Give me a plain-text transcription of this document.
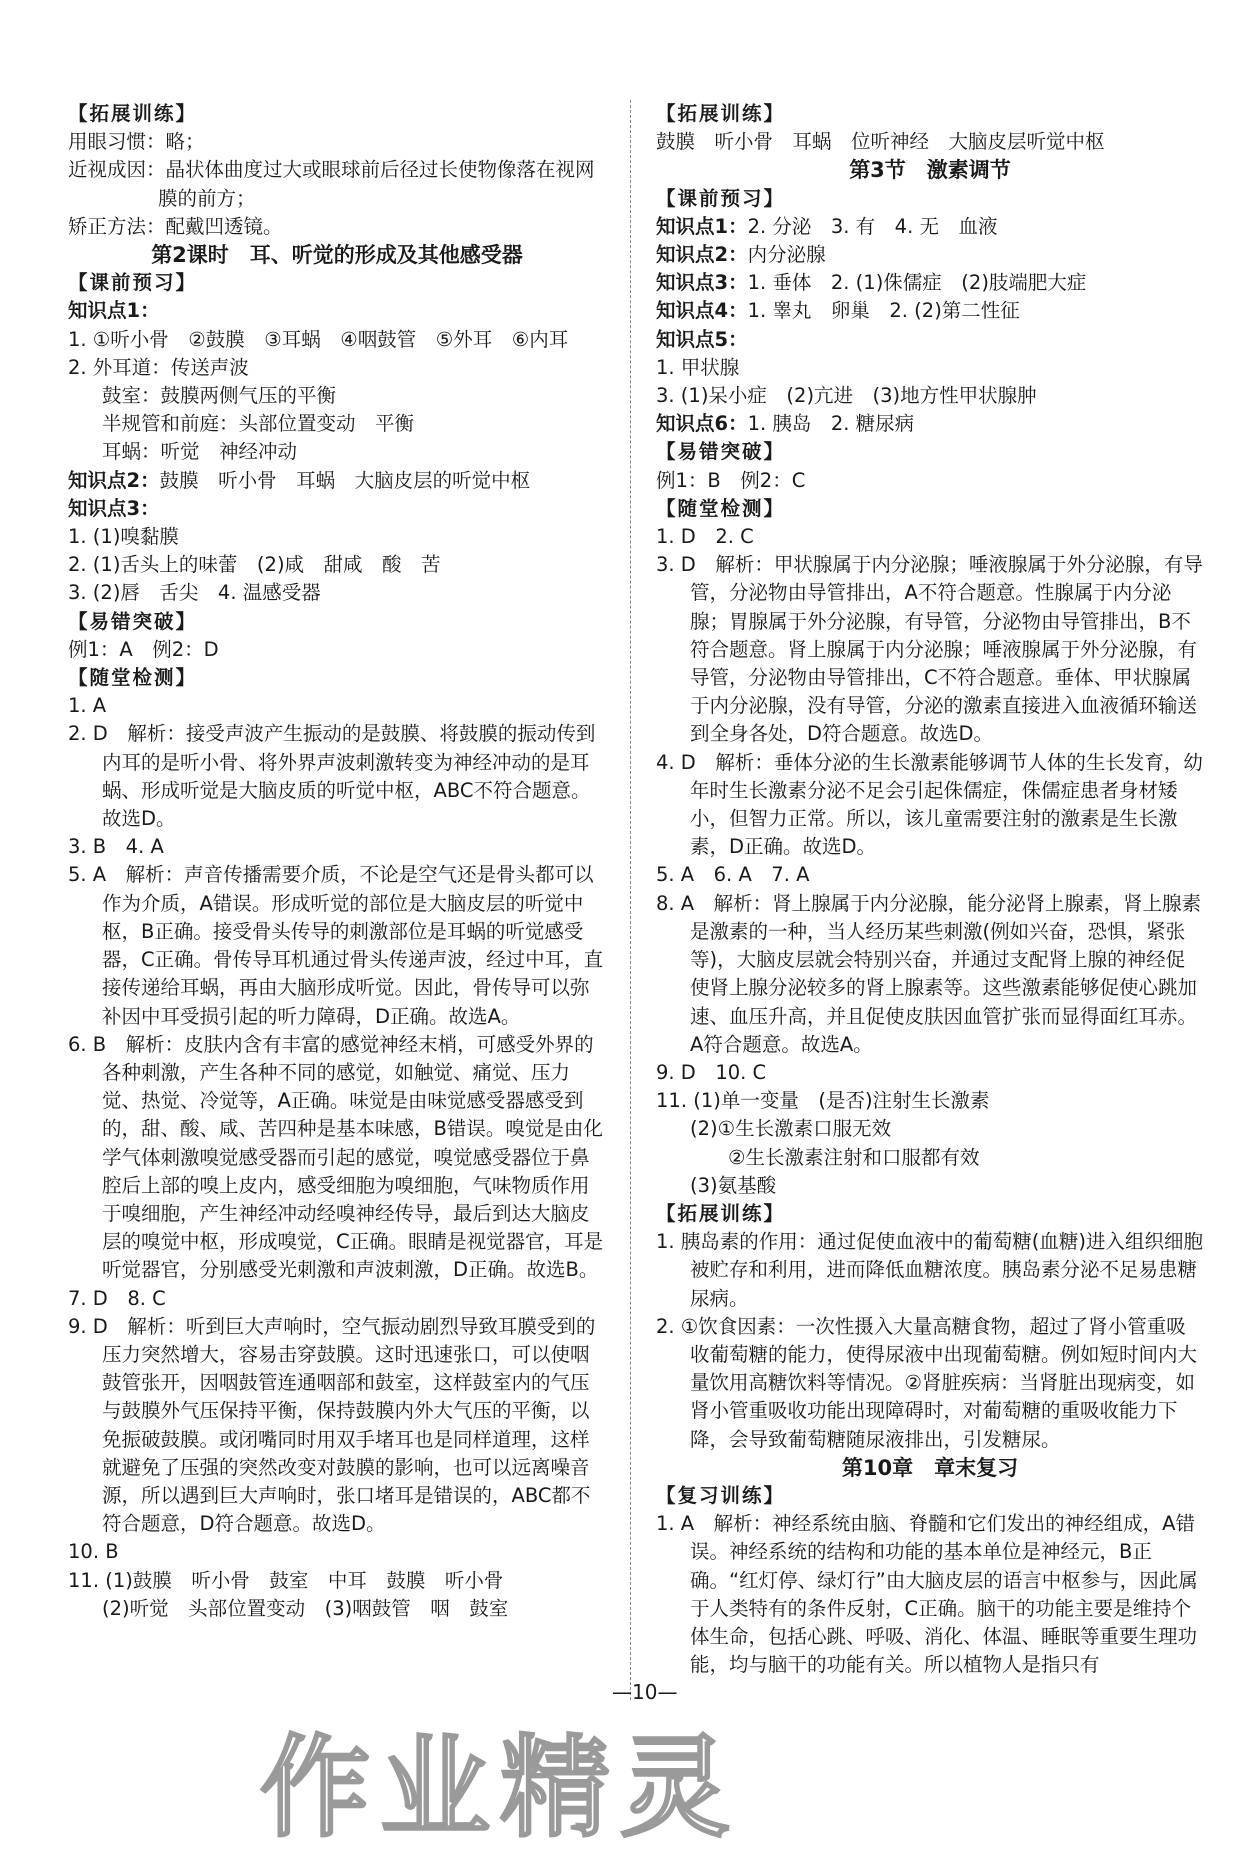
【拓展训练】
用眼习惯：略；
近视成因：晶状体曲度过大或眼球前后径过长使物像落在视网膜的前方；
矫正方法：配戴凹透镜。
第2课时　耳、听觉的形成及其他感受器
【课前预习】
知识点1：
1. ①听小骨　②鼓膜　③耳蜗　④咽鼓管　⑤外耳　⑥内耳
2. 外耳道：传送声波
鼓室：鼓膜两侧气压的平衡
半规管和前庭：头部位置变动　平衡
耳蜗：听觉　神经冲动
知识点2：鼓膜　听小骨　耳蜗　大脑皮层的听觉中枢
知识点3：
1. (1)嗅黏膜
2. (1)舌头上的味蕾　(2)咸　甜咸　酸　苦
3. (2)唇　舌尖　4. 温感受器
【易错突破】
例1：A　例2：D
【随堂检测】
1. A
2. D　解析：接受声波产生振动的是鼓膜、将鼓膜的振动传到内耳的是听小骨、将外界声波刺激转变为神经冲动的是耳蜗、形成听觉是大脑皮质的听觉中枢，ABC不符合题意。故选D。
3. B　4. A
5. A　解析：声音传播需要介质，不论是空气还是骨头都可以作为介质，A错误。形成听觉的部位是大脑皮层的听觉中枢，B正确。接受骨头传导的刺激部位是耳蜗的听觉感受器，C正确。骨传导耳机通过骨头传递声波，经过中耳，直接传递给耳蜗，再由大脑形成听觉。因此，骨传导可以弥补因中耳受损引起的听力障碍，D正确。故选A。
6. B　解析：皮肤内含有丰富的感觉神经末梢，可感受外界的各种刺激，产生各种不同的感觉，如触觉、痛觉、压力觉、热觉、冷觉等，A正确。味觉是由味觉感受器感受到的，甜、酸、咸、苦四种是基本味感，B错误。嗅觉是由化学气体刺激嗅觉感受器而引起的感觉，嗅觉感受器位于鼻腔后上部的嗅上皮内，感受细胞为嗅细胞，气味物质作用于嗅细胞，产生神经冲动经嗅神经传导，最后到达大脑皮层的嗅觉中枢，形成嗅觉，C正确。眼睛是视觉器官，耳是听觉器官，分别感受光刺激和声波刺激，D正确。故选B。
7. D　8. C
9. D　解析：听到巨大声响时，空气振动剧烈导致耳膜受到的压力突然增大，容易击穿鼓膜。这时迅速张口，可以使咽鼓管张开，因咽鼓管连通咽部和鼓室，这样鼓室内的气压与鼓膜外气压保持平衡，保持鼓膜内外大气压的平衡，以免振破鼓膜。或闭嘴同时用双手堵耳也是同样道理，这样就避免了压强的突然改变对鼓膜的影响，也可以远离噪音源，所以遇到巨大声响时，张口堵耳是错误的，ABC都不符合题意，D符合题意。故选D。
10. B
11. (1)鼓膜　听小骨　鼓室　中耳　鼓膜　听小骨
(2)听觉　头部位置变动　(3)咽鼓管　咽　鼓室
【拓展训练】
鼓膜　听小骨　耳蜗　位听神经　大脑皮层听觉中枢
第3节　激素调节
【课前预习】
知识点1：2. 分泌　3. 有　4. 无　血液
知识点2：内分泌腺
知识点3：1. 垂体　2. (1)侏儒症　(2)肢端肥大症
知识点4：1. 睾丸　卵巢　2. (2)第二性征
知识点5：
1. 甲状腺
3. (1)呆小症　(2)亢进　(3)地方性甲状腺肿
知识点6：1. 胰岛　2. 糖尿病
【易错突破】
例1：B　例2：C
【随堂检测】
1. D　2. C
3. D　解析：甲状腺属于内分泌腺；唾液腺属于外分泌腺，有导管，分泌物由导管排出，A不符合题意。性腺属于内分泌腺；胃腺属于外分泌腺，有导管，分泌物由导管排出，B不符合题意。肾上腺属于内分泌腺；唾液腺属于外分泌腺，有导管，分泌物由导管排出，C不符合题意。垂体、甲状腺属于内分泌腺，没有导管，分泌的激素直接进入血液循环输送到全身各处，D符合题意。故选D。
4. D　解析：垂体分泌的生长激素能够调节人体的生长发育，幼年时生长激素分泌不足会引起侏儒症，侏儒症患者身材矮小，但智力正常。所以，该儿童需要注射的激素是生长激素，D正确。故选D。
5. A　6. A　7. A
8. A　解析：肾上腺属于内分泌腺，能分泌肾上腺素，肾上腺素是激素的一种，当人经历某些刺激(例如兴奋，恐惧，紧张等)，大脑皮层就会特别兴奋，并通过支配肾上腺的神经促使肾上腺分泌较多的肾上腺素等。这些激素能够促使心跳加速、血压升高，并且促使皮肤因血管扩张而显得面红耳赤。A符合题意。故选A。
9. D　10. C
11. (1)单一变量　(是否)注射生长激素
(2)①生长激素口服无效
②生长激素注射和口服都有效
(3)氨基酸
【拓展训练】
1. 胰岛素的作用：通过促使血液中的葡萄糖(血糖)进入组织细胞被贮存和利用，进而降低血糖浓度。胰岛素分泌不足易患糖尿病。
2. ①饮食因素：一次性摄入大量高糖食物，超过了肾小管重吸收葡萄糖的能力，使得尿液中出现葡萄糖。例如短时间内大量饮用高糖饮料等情况。②肾脏疾病：当肾脏出现病变，如肾小管重吸收功能出现障碍时，对葡萄糖的重吸收能力下降，会导致葡萄糖随尿液排出，引发糖尿。
第10章　章末复习
【复习训练】
1. A　解析：神经系统由脑、脊髓和它们发出的神经组成，A错误。神经系统的结构和功能的基本单位是神经元，B正确。“红灯停、绿灯行”由大脑皮层的语言中枢参与，因此属于人类特有的条件反射，C正确。脑干的功能主要是维持个体生命，包括心跳、呼吸、消化、体温、睡眠等重要生理功能，均与脑干的功能有关。所以植物人是指只有
—10—
作业精灵
